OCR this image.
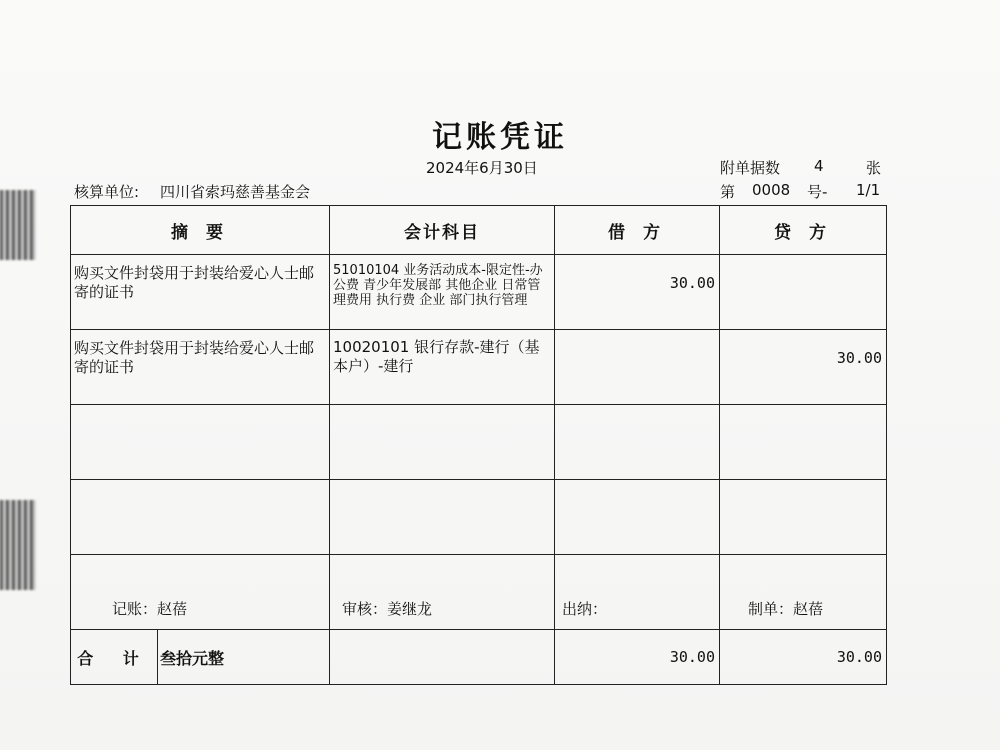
记账凭证
2024年6月30日	附单据数 4	张
核算单位: 四川省索玛慈善基金会	第 0008 号- 1/1
摘 要	会计科目	借 方	贷 方
购买文件封袋用于封装给爱心人士邮寄的证书	51010104 业务活动成本-限定性-办公费 青少年发展部 其他企业 日常管理费用 执行费 企业 部门执行管理	30.00	
购买文件封袋用于封装给爱心人士邮寄的证书	10020101 银行存款-建行（基本户）-建行		30.00

合 计 叁拾元整		30.00	30.00
记账：赵蓓	审核：姜继龙	出纳：	制单：赵蓓
